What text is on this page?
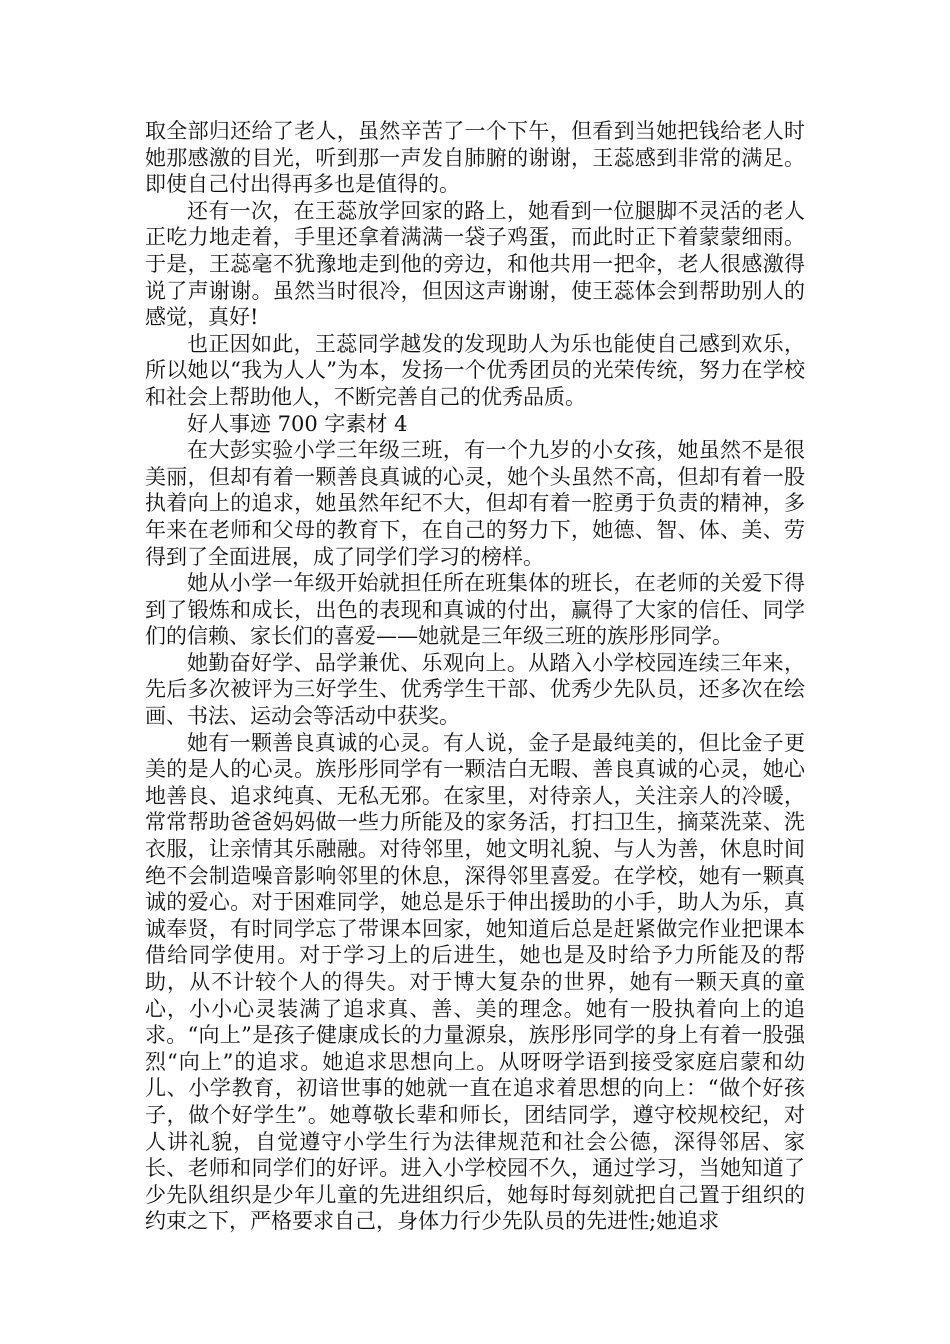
取全部归还给了老人，虽然辛苦了一个下午，但看到当她把钱给老人时她那感激的目光，听到那一声发自肺腑的谢谢，王蕊感到非常的满足。即使自己付出得再多也是值得的。

还有一次，在王蕊放学回家的路上，她看到一位腿脚不灵活的老人正吃力地走着，手里还拿着满满一袋子鸡蛋，而此时正下着蒙蒙细雨。于是，王蕊毫不犹豫地走到他的旁边，和他共用一把伞，老人很感激得说了声谢谢。虽然当时很冷，但因这声谢谢，使王蕊体会到帮助别人的感觉，真好!

也正因如此，王蕊同学越发的发现助人为乐也能使自己感到欢乐，所以她以“我为人人”为本，发扬一个优秀团员的光荣传统，努力在学校和社会上帮助他人，不断完善自己的优秀品质。

好人事迹 700 字素材 4

在大彭实验小学三年级三班，有一个九岁的小女孩，她虽然不是很美丽，但却有着一颗善良真诚的心灵，她个头虽然不高，但却有着一股执着向上的追求，她虽然年纪不大，但却有着一腔勇于负责的精神，多年来在老师和父母的教育下，在自己的努力下，她德、智、体、美、劳得到了全面进展，成了同学们学习的榜样。

她从小学一年级开始就担任所在班集体的班长，在老师的关爱下得到了锻炼和成长，出色的表现和真诚的付出，赢得了大家的信任、同学们的信赖、家长们的喜爱——她就是三年级三班的族彤彤同学。

她勤奋好学、品学兼优、乐观向上。从踏入小学校园连续三年来，先后多次被评为三好学生、优秀学生干部、优秀少先队员，还多次在绘画、书法、运动会等活动中获奖。

她有一颗善良真诚的心灵。有人说，金子是最纯美的，但比金子更美的是人的心灵。族彤彤同学有一颗洁白无暇、善良真诚的心灵，她心地善良、追求纯真、无私无邪。在家里，对待亲人，关注亲人的冷暖，常常帮助爸爸妈妈做一些力所能及的家务活，打扫卫生，摘菜洗菜、洗衣服，让亲情其乐融融。对待邻里，她文明礼貌、与人为善，休息时间绝不会制造噪音影响邻里的休息，深得邻里喜爱。在学校，她有一颗真诚的爱心。对于困难同学，她总是乐于伸出援助的小手，助人为乐，真诚奉贤，有时同学忘了带课本回家，她知道后总是赶紧做完作业把课本借给同学使用。对于学习上的后进生，她也是及时给予力所能及的帮助，从不计较个人的得失。对于博大复杂的世界，她有一颗天真的童心，小小心灵装满了追求真、善、美的理念。她有一股执着向上的追求。“向上”是孩子健康成长的力量源泉，族彤彤同学的身上有着一股强烈“向上”的追求。她追求思想向上。从呀呀学语到接受家庭启蒙和幼儿、小学教育，初谙世事的她就一直在追求着思想的向上：“做个好孩子，做个好学生”。她尊敬长辈和师长，团结同学，遵守校规校纪，对人讲礼貌，自觉遵守小学生行为法律规范和社会公德，深得邻居、家长、老师和同学们的好评。进入小学校园不久，通过学习，当她知道了少先队组织是少年儿童的先进组织后，她每时每刻就把自己置于组织的约束之下，严格要求自己，身体力行少先队员的先进性;她追求
